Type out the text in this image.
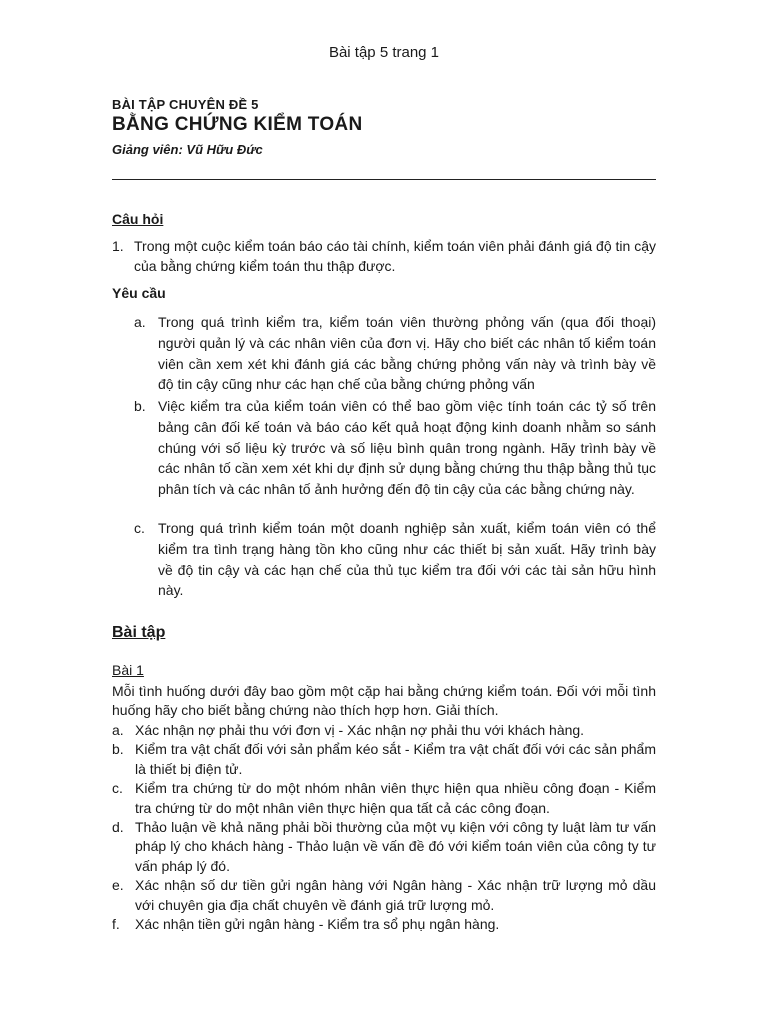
Bài tập 5 trang 1
BÀI TẬP CHUYÊN ĐỀ 5
BẰNG CHỨNG KIỂM TOÁN
Giảng viên: Vũ Hữu Đức
Câu hỏi
1. Trong một cuộc kiểm toán báo cáo tài chính, kiểm toán viên phải đánh giá độ tin cậy của bằng chứng kiểm toán thu thập được.
Yêu cầu
a. Trong quá trình kiểm tra, kiểm toán viên thường phỏng vấn (qua đối thoại) người quản lý và các nhân viên của đơn vị. Hãy cho biết các nhân tố kiểm toán viên cần xem xét khi đánh giá các bằng chứng phỏng vấn này và trình bày về độ tin cậy cũng như các hạn chế của bằng chứng phỏng vấn
b. Việc kiểm tra của kiểm toán viên có thể bao gồm việc tính toán các tỷ số trên bảng cân đối kế toán và báo cáo kết quả hoạt động kinh doanh nhằm so sánh chúng với số liệu kỳ trước và số liệu bình quân trong ngành. Hãy trình bày về các nhân tố cần xem xét khi dự định sử dụng bằng chứng thu thập bằng thủ tục phân tích và các nhân tố ảnh hưởng đến độ tin cậy của các bằng chứng này.
c. Trong quá trình kiểm toán một doanh nghiệp sản xuất, kiểm toán viên có thể kiểm tra tình trạng hàng tồn kho cũng như các thiết bị sản xuất. Hãy trình bày về độ tin cậy và các hạn chế của thủ tục kiểm tra đối với các tài sản hữu hình này.
Bài tập
Bài 1
Mỗi tình huống dưới đây bao gồm một cặp hai bằng chứng kiểm toán. Đối với mỗi tình huống hãy cho biết bằng chứng nào thích hợp hơn. Giải thích.
a. Xác nhận nợ phải thu với đơn vị - Xác nhận nợ phải thu với khách hàng.
b. Kiểm tra vật chất đối với sản phẩm kéo sắt - Kiểm tra vật chất đối với các sản phẩm là thiết bị điện tử.
c. Kiểm tra chứng từ do một nhóm nhân viên thực hiện qua nhiều công đoạn - Kiểm tra chứng từ do một nhân viên thực hiện qua tất cả các công đoạn.
d. Thảo luận về khả năng phải bồi thường của một vụ kiện với công ty luật làm tư vấn pháp lý cho khách hàng - Thảo luận về vấn đề đó với kiểm toán viên của công ty tư vấn pháp lý đó.
e. Xác nhận số dư tiền gửi ngân hàng với Ngân hàng - Xác nhận trữ lượng mỏ dầu với chuyên gia địa chất chuyên về đánh giá trữ lượng mỏ.
f. Xác nhận tiền gửi ngân hàng - Kiểm tra sổ phụ ngân hàng.
